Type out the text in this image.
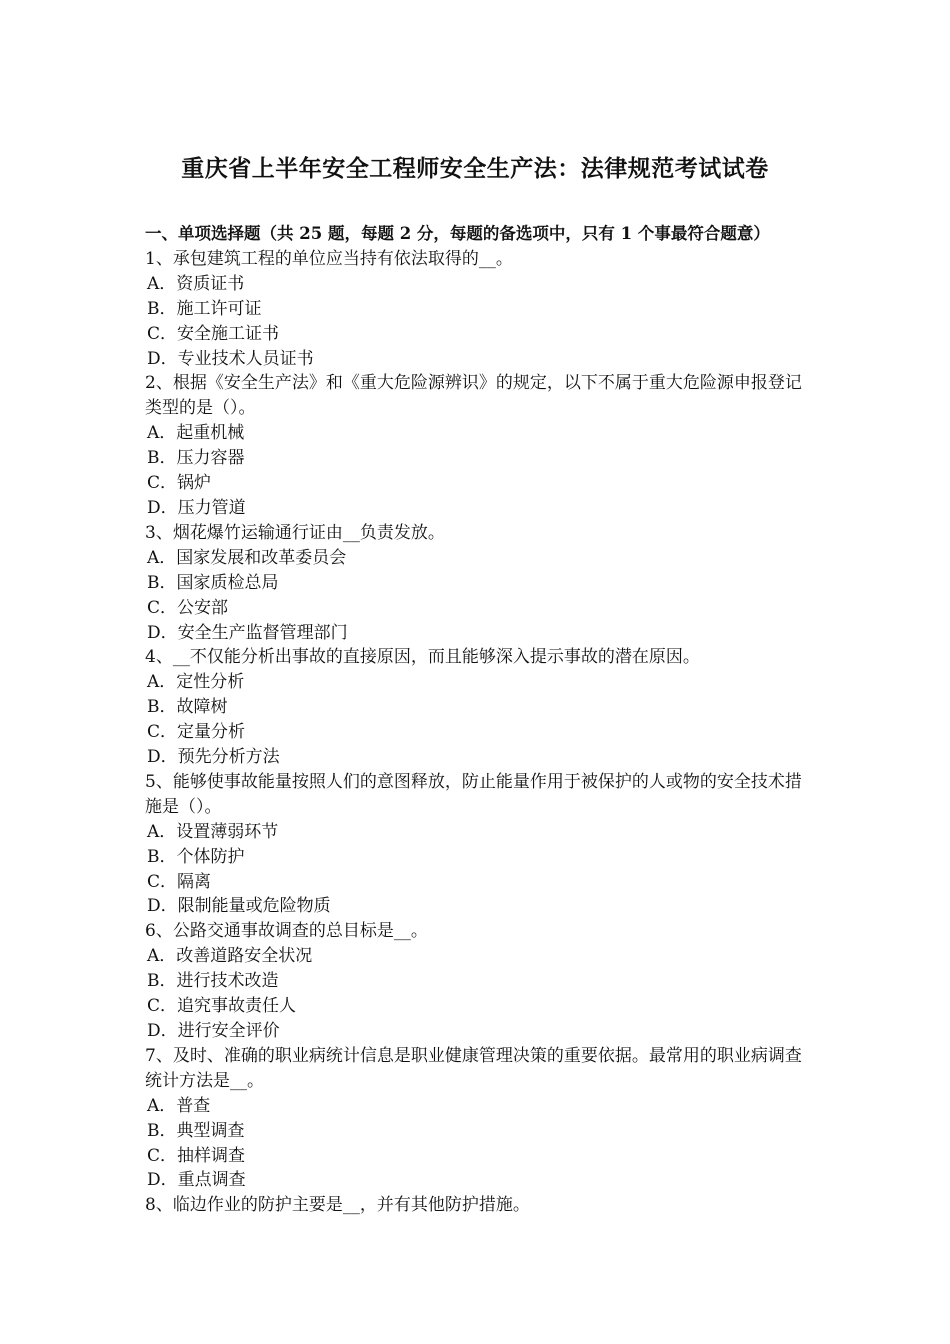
重庆省上半年安全工程师安全生产法：法律规范考试试卷
一、单项选择题（共 25 题，每题 2 分，每题的备选项中，只有 1 个事最符合题意）
1、承包建筑工程的单位应当持有依法取得的__。
A．资质证书
B．施工许可证
C．安全施工证书
D．专业技术人员证书
2、根据《安全生产法》和《重大危险源辨识》的规定，以下不属于重大危险源申报登记类型的是（）。
A．起重机械
B．压力容器
C．锅炉
D．压力管道
3、烟花爆竹运输通行证由__负责发放。
A．国家发展和改革委员会
B．国家质检总局
C．公安部
D．安全生产监督管理部门
4、__不仅能分析出事故的直接原因，而且能够深入提示事故的潜在原因。
A．定性分析
B．故障树
C．定量分析
D．预先分析方法
5、能够使事故能量按照人们的意图释放，防止能量作用于被保护的人或物的安全技术措施是（）。
A．设置薄弱环节
B．个体防护
C．隔离
D．限制能量或危险物质
6、公路交通事故调查的总目标是__。
A．改善道路安全状况
B．进行技术改造
C．追究事故责任人
D．进行安全评价
7、及时、准确的职业病统计信息是职业健康管理决策的重要依据。最常用的职业病调查统计方法是__。
A．普查
B．典型调查
C．抽样调查
D．重点调查
8、临边作业的防护主要是__，并有其他防护措施。
